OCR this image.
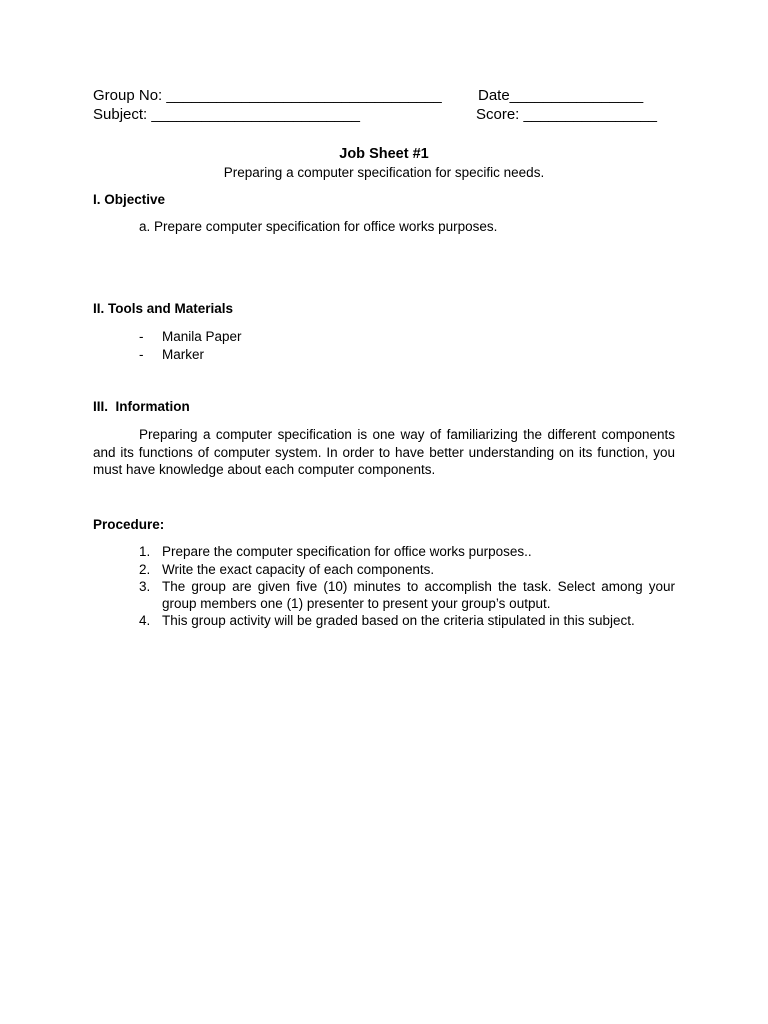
Group No: _________________________________

Date________________

Subject: _________________________

	Score: ________________

Job Sheet #1
Preparing a computer specification for specific needs.
I. Objective
a. Prepare computer specification for office works purposes.
II. Tools and Materials
- Manila Paper
- Marker
III.  Information
Preparing a computer specification is one way of familiarizing the different components and its functions of computer system. In order to have better understanding on its function, you must have knowledge about each computer components.
Procedure:
1. Prepare the computer specification for office works purposes..
2. Write the exact capacity of each components.
3. The group are given five (10) minutes to accomplish the task. Select among your group members one (1) presenter to present your group’s output.
4. This group activity will be graded based on the criteria stipulated in this subject.
